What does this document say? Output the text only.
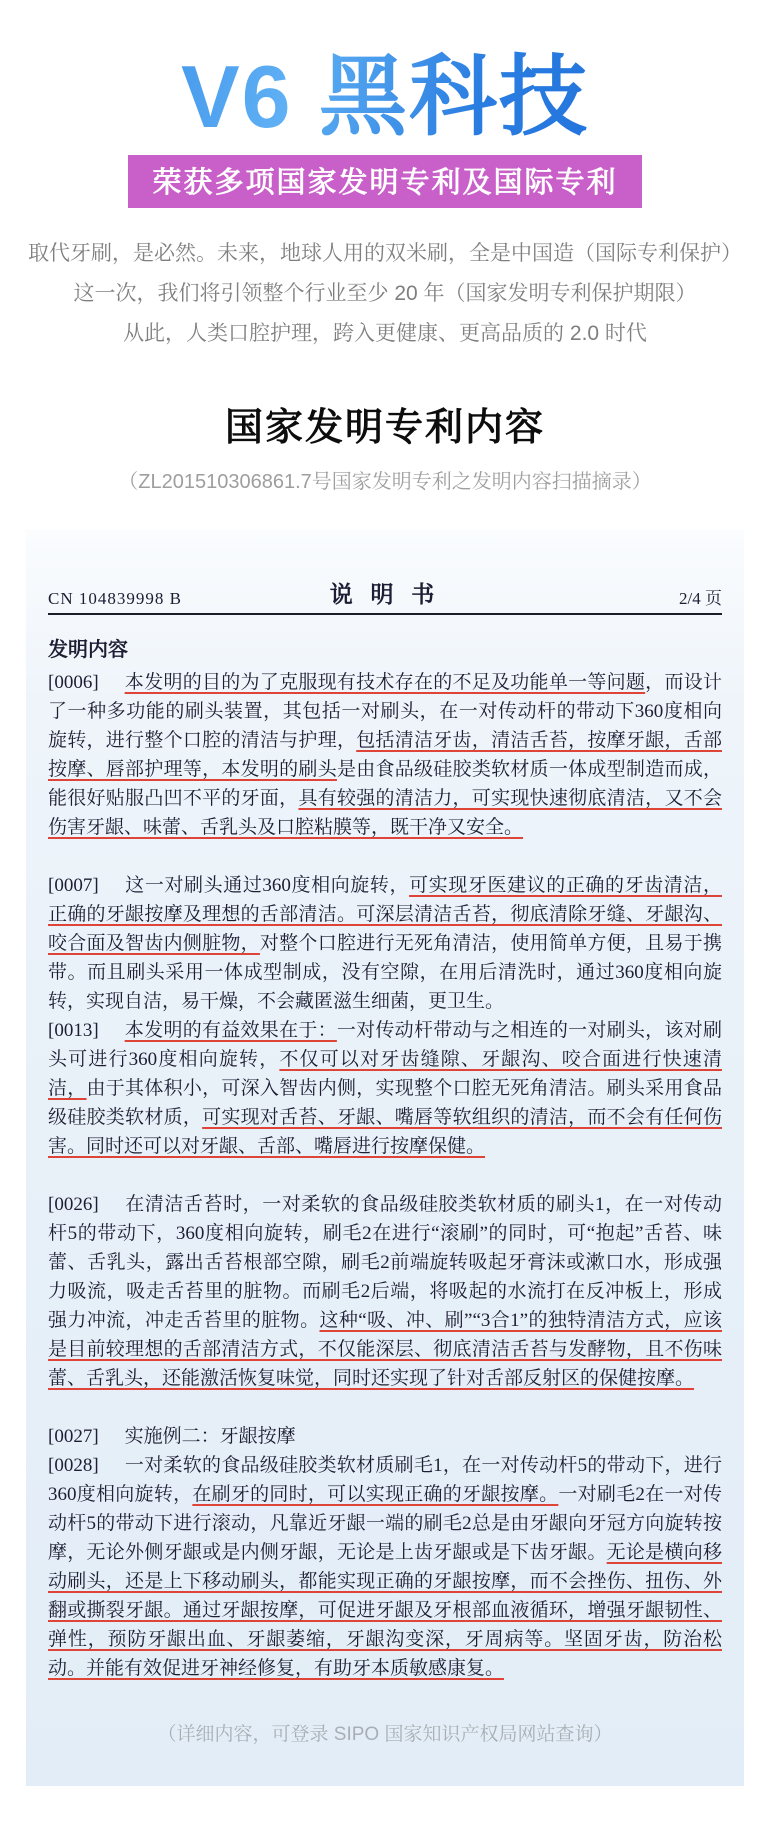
V6 黑科技
荣获多项国家发明专利及国际专利
取代牙刷，是必然。未来，地球人用的双米刷，全是中国造（国际专利保护）
这一次，我们将引领整个行业至少 20 年（国家发明专利保护期限）
从此，人类口腔护理，跨入更健康、更高品质的 2.0 时代
国家发明专利内容
（ZL201510306861.7号国家发明专利之发明内容扫描摘录）
CN 104839998 B	说 明 书	2/4 页
发明内容
[0006] 本发明的目的为了克服现有技术存在的不足及功能单一等问题，而设计了一种多功能的刷头装置，其包括一对刷头，在一对传动杆的带动下360度相向旋转，进行整个口腔的清洁与护理，包括清洁牙齿，清洁舌苔，按摩牙龈，舌部按摩、唇部护理等，本发明的刷头是由食品级硅胶类软材质一体成型制造而成，能很好贴服凸凹不平的牙面，具有较强的清洁力，可实现快速彻底清洁，又不会伤害牙龈、味蕾、舌乳头及口腔粘膜等，既干净又安全。
[0007] 这一对刷头通过360度相向旋转，可实现牙医建议的正确的牙齿清洁，正确的牙龈按摩及理想的舌部清洁。可深层清洁舌苔，彻底清除牙缝、牙龈沟、咬合面及智齿内侧脏物，对整个口腔进行无死角清洁，使用简单方便，且易于携带。而且刷头采用一体成型制成，没有空隙，在用后清洗时，通过360度相向旋转，实现自洁，易干燥，不会藏匿滋生细菌，更卫生。
[0013] 本发明的有益效果在于：一对传动杆带动与之相连的一对刷头，该对刷头可进行360度相向旋转，不仅可以对牙齿缝隙、牙龈沟、咬合面进行快速清洁，由于其体积小，可深入智齿内侧，实现整个口腔无死角清洁。刷头采用食品级硅胶类软材质，可实现对舌苔、牙龈、嘴唇等软组织的清洁，而不会有任何伤害。同时还可以对牙龈、舌部、嘴唇进行按摩保健。
[0026] 在清洁舌苔时，一对柔软的食品级硅胶类软材质的刷头1，在一对传动杆5的带动下，360度相向旋转，刷毛2在进行“滚刷”的同时，可“抱起”舌苔、味蕾、舌乳头，露出舌苔根部空隙，刷毛2前端旋转吸起牙膏沫或漱口水，形成强力吸流，吸走舌苔里的脏物。而刷毛2后端，将吸起的水流打在反冲板上，形成强力冲流，冲走舌苔里的脏物。这种“吸、冲、刷”“3合1”的独特清洁方式，应该是目前较理想的舌部清洁方式，不仅能深层、彻底清洁舌苔与发酵物，且不伤味蕾、舌乳头，还能激活恢复味觉，同时还实现了针对舌部反射区的保健按摩。
[0027] 实施例二：牙龈按摩
[0028] 一对柔软的食品级硅胶类软材质刷毛1，在一对传动杆5的带动下，进行360度相向旋转，在刷牙的同时，可以实现正确的牙龈按摩。一对刷毛2在一对传动杆5的带动下进行滚动，凡靠近牙龈一端的刷毛2总是由牙龈向牙冠方向旋转按摩，无论外侧牙龈或是内侧牙龈，无论是上齿牙龈或是下齿牙龈。无论是横向移动刷头，还是上下移动刷头，都能实现正确的牙龈按摩，而不会挫伤、扭伤、外翻或撕裂牙龈。通过牙龈按摩，可促进牙龈及牙根部血液循环，增强牙龈韧性、弹性，预防牙龈出血、牙龈萎缩，牙龈沟变深，牙周病等。坚固牙齿，防治松动。并能有效促进牙神经修复，有助牙本质敏感康复。
（详细内容，可登录 SIPO 国家知识产权局网站查询）
